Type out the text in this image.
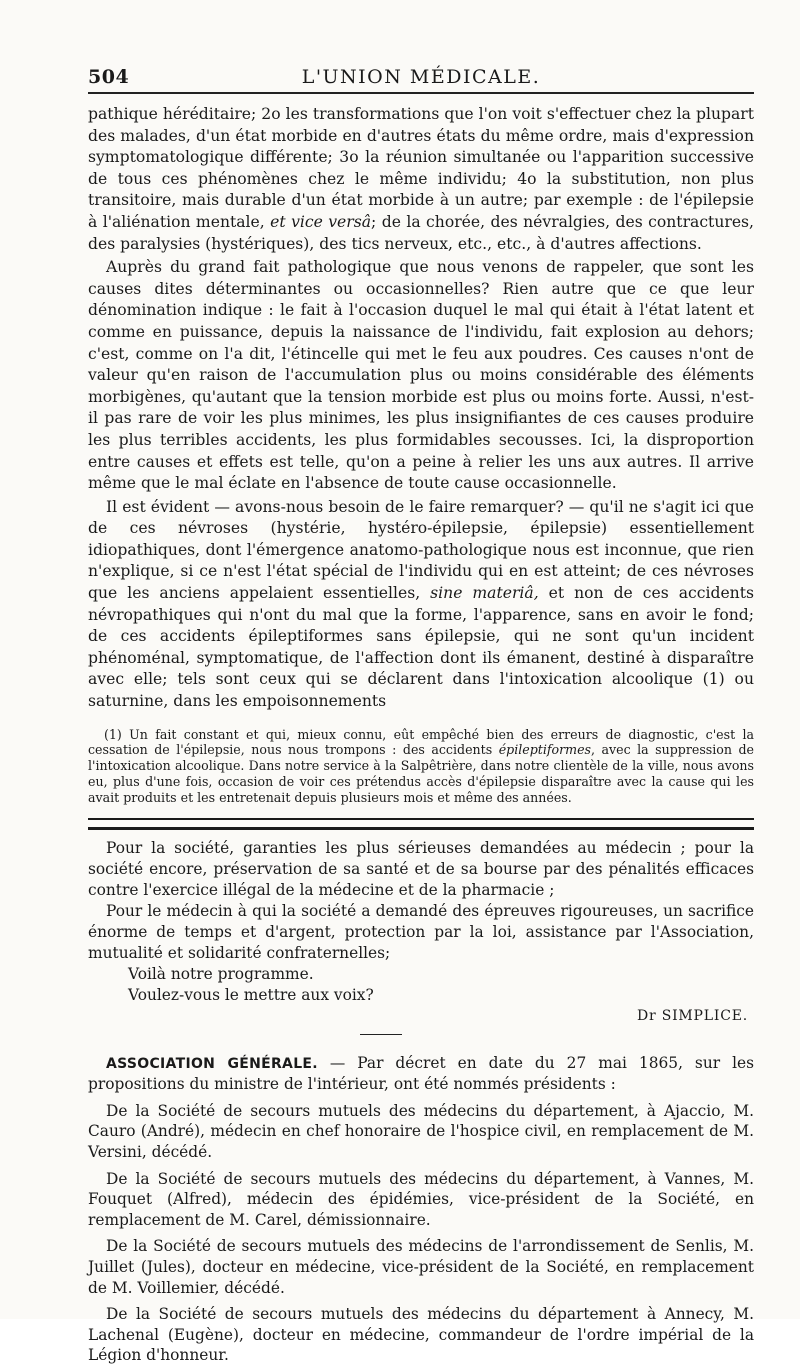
504	L'UNION MÉDICALE.

pathique héréditaire; 2o les transformations que l'on voit s'effectuer chez la plupart des malades, d'un état morbide en d'autres états du même ordre, mais d'expression symptomatologique différente; 3o la réunion simultanée ou l'apparition successive de tous ces phénomènes chez le même individu; 4o la substitution, non plus transitoire, mais durable d'un état morbide à un autre; par exemple : de l'épilepsie à l'aliénation mentale, et vice versâ; de la chorée, des névralgies, des contractures, des paralysies (hystériques), des tics nerveux, etc., etc., à d'autres affections.

Auprès du grand fait pathologique que nous venons de rappeler, que sont les causes dites déterminantes ou occasionnelles? Rien autre que ce que leur dénomination indique : le fait à l'occasion duquel le mal qui était à l'état latent et comme en puissance, depuis la naissance de l'individu, fait explosion au dehors; c'est, comme on l'a dit, l'étincelle qui met le feu aux poudres. Ces causes n'ont de valeur qu'en raison de l'accumulation plus ou moins considérable des éléments morbigènes, qu'autant que la tension morbide est plus ou moins forte. Aussi, n'est-il pas rare de voir les plus minimes, les plus insignifiantes de ces causes produire les plus terribles accidents, les plus formidables secousses. Ici, la disproportion entre causes et effets est telle, qu'on a peine à relier les uns aux autres. Il arrive même que le mal éclate en l'absence de toute cause occasionnelle.

Il est évident — avons-nous besoin de le faire remarquer? — qu'il ne s'agit ici que de ces névroses (hystérie, hystéro-épilepsie, épilepsie) essentiellement idiopathiques, dont l'émergence anatomo-pathologique nous est inconnue, que rien n'explique, si ce n'est l'état spécial de l'individu qui en est atteint; de ces névroses que les anciens appelaient essentielles, sine materiâ, et non de ces accidents névropathiques qui n'ont du mal que la forme, l'apparence, sans en avoir le fond; de ces accidents épileptiformes sans épilepsie, qui ne sont qu'un incident phénoménal, symptomatique, de l'affection dont ils émanent, destiné à disparaître avec elle; tels sont ceux qui se déclarent dans l'intoxication alcoolique (1) ou saturnine, dans les empoisonnements

(1) Un fait constant et qui, mieux connu, eût empêché bien des erreurs de diagnostic, c'est la cessation de l'épilepsie, nous nous trompons : des accidents épileptiformes, avec la suppression de l'intoxication alcoolique. Dans notre service à la Salpêtrière, dans notre clientèle de la ville, nous avons eu, plus d'une fois, occasion de voir ces prétendus accès d'épilepsie disparaître avec la cause qui les avait produits et les entretenait depuis plusieurs mois et même des années.

Pour la société, garanties les plus sérieuses demandées au médecin ; pour la société encore, préservation de sa santé et de sa bourse par des pénalités efficaces contre l'exercice illégal de la médecine et de la pharmacie ;

Pour le médecin à qui la société a demandé des épreuves rigoureuses, un sacrifice énorme de temps et d'argent, protection par la loi, assistance par l'Association, mutualité et solidarité confraternelles;

Voilà notre programme.

Voulez-vous le mettre aux voix?

Dr SIMPLICE.

ASSOCIATION GÉNÉRALE. — Par décret en date du 27 mai 1865, sur les propositions du ministre de l'intérieur, ont été nommés présidents :

De la Société de secours mutuels des médecins du département, à Ajaccio, M. Cauro (André), médecin en chef honoraire de l'hospice civil, en remplacement de M. Versini, décédé.

De la Société de secours mutuels des médecins du département, à Vannes, M. Fouquet (Alfred), médecin des épidémies, vice-président de la Société, en remplacement de M. Carel, démissionnaire.

De la Société de secours mutuels des médecins de l'arrondissement de Senlis, M. Juillet (Jules), docteur en médecine, vice-président de la Société, en remplacement de M. Voillemier, décédé.

De la Société de secours mutuels des médecins du département à Annecy, M. Lachenal (Eugène), docteur en médecine, commandeur de l'ordre impérial de la Légion d'honneur.
